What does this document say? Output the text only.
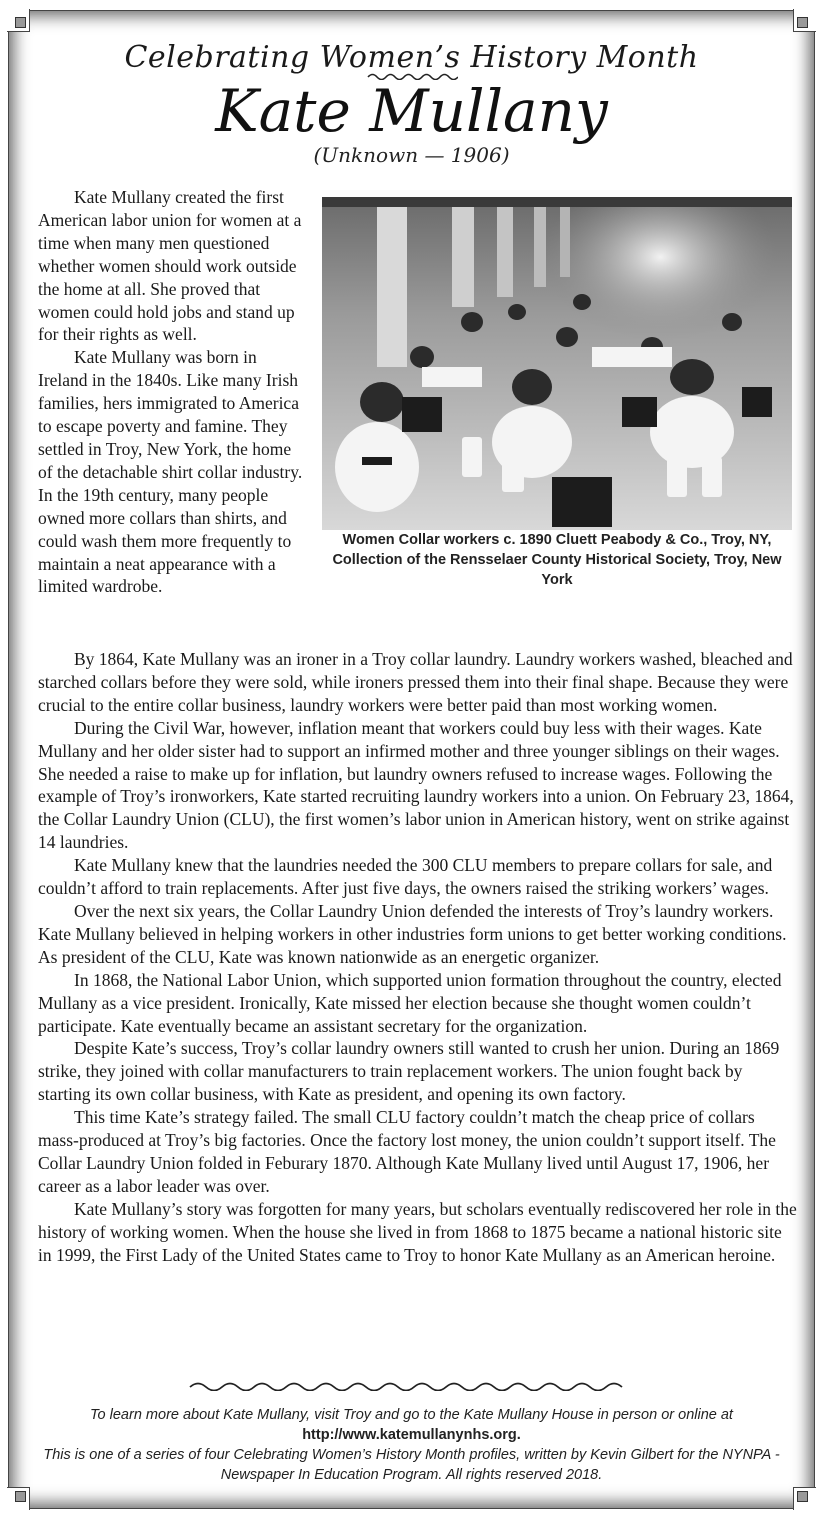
Celebrating Women’s History Month
Kate Mullany
(Unknown — 1906)

Kate Mullany created the first American labor union for women at a time when many men questioned whether women should work outside the home at all. She proved that women could hold jobs and stand up for their rights as well.

Kate Mullany was born in Ireland in the 1840s. Like many Irish families, hers immigrated to America to escape poverty and famine. They settled in Troy, New York, the home of the detachable shirt collar industry. In the 19th century, many people owned more collars than shirts, and could wash them more frequently to maintain a neat appearance with a limited wardrobe.

Women Collar workers c. 1890 Cluett Peabody & Co., Troy, NY, Collection of the Rensselaer County Historical Society, Troy, New York

By 1864, Kate Mullany was an ironer in a Troy collar laundry. Laundry workers washed, bleached and starched collars before they were sold, while ironers pressed them into their final shape. Because they were crucial to the entire collar business, laundry workers were better paid than most working women.

During the Civil War, however, inflation meant that workers could buy less with their wages. Kate Mullany and her older sister had to support an infirmed mother and three younger siblings on their wages. She needed a raise to make up for inflation, but laundry owners refused to increase wages. Following the example of Troy’s ironworkers, Kate started recruiting laundry workers into a union. On February 23, 1864, the Collar Laundry Union (CLU), the first women’s labor union in American history, went on strike against 14 laundries.

Kate Mullany knew that the laundries needed the 300 CLU members to prepare collars for sale, and couldn’t afford to train replacements. After just five days, the owners raised the striking workers’ wages.

Over the next six years, the Collar Laundry Union defended the interests of Troy’s laundry workers. Kate Mullany believed in helping workers in other industries form unions to get better working conditions. As president of the CLU, Kate was known nationwide as an energetic organizer.

In 1868, the National Labor Union, which supported union formation throughout the country, elected Mullany as a vice president. Ironically, Kate missed her election because she thought women couldn’t participate. Kate eventually became an assistant secretary for the organization.

Despite Kate’s success, Troy’s collar laundry owners still wanted to crush her union. During an 1869 strike, they joined with collar manufacturers to train replacement workers. The union fought back by starting its own collar business, with Kate as president, and opening its own factory.

This time Kate’s strategy failed. The small CLU factory couldn’t match the cheap price of collars mass-produced at Troy’s big factories. Once the factory lost money, the union couldn’t support itself. The Collar Laundry Union folded in Feburary 1870. Although Kate Mullany lived until August 17, 1906, her career as a labor leader was over.

Kate Mullany’s story was forgotten for many years, but scholars eventually rediscovered her role in the history of working women. When the house she lived in from 1868 to 1875 became a national historic site in 1999, the First Lady of the United States came to Troy to honor Kate Mullany as an American heroine.

To learn more about Kate Mullany, visit Troy and go to the Kate Mullany House in person or online at
http://www.katemullanynhs.org.
This is one of a series of four Celebrating Women’s History Month profiles, written by Kevin Gilbert for the NYNPA - Newspaper In Education Program. All rights reserved 2018.
